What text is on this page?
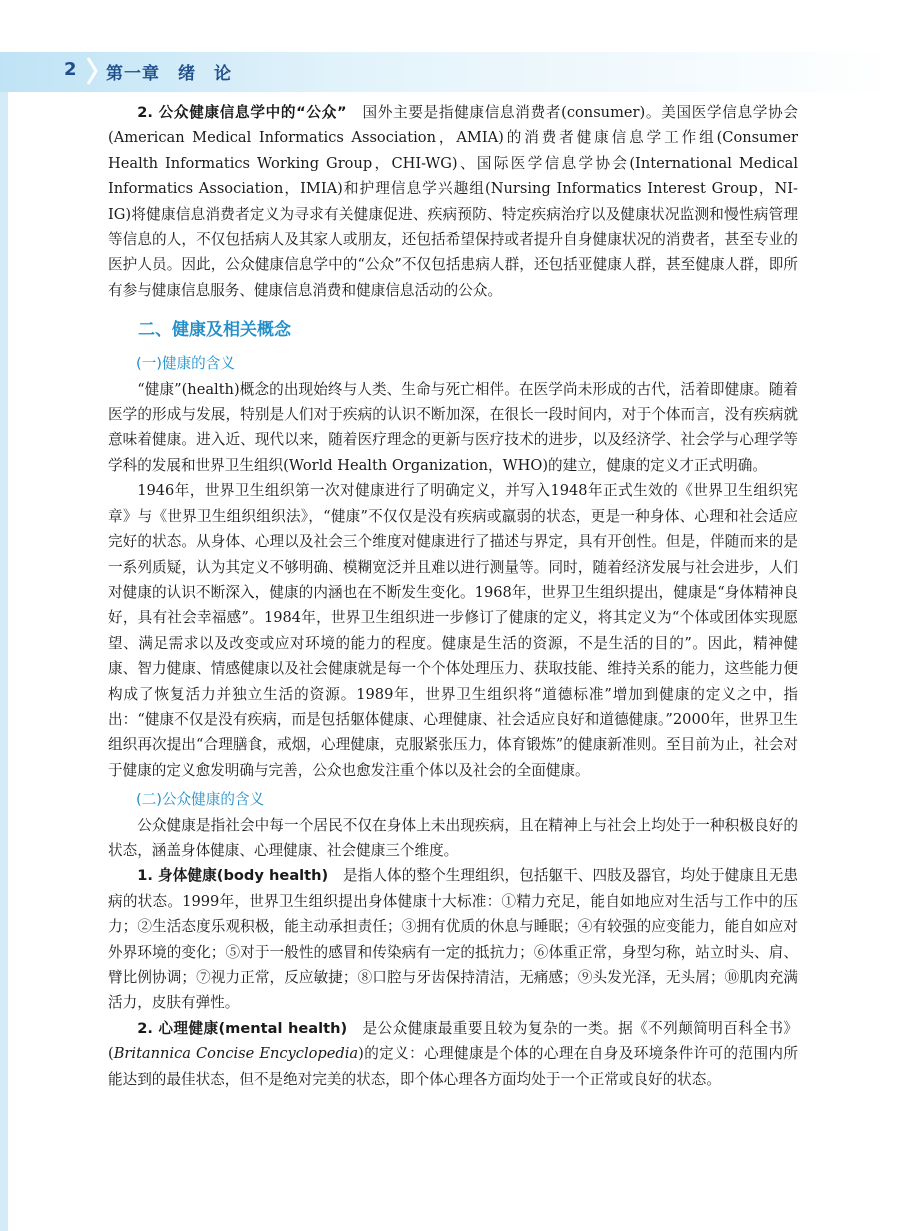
2 第一章　绪　论

2. 公众健康信息学中的“公众”　国外主要是指健康信息消费者(consumer)。美国医学信息学协会(American Medical Informatics Association，AMIA)的消费者健康信息学工作组(Consumer Health Informatics Working Group，CHI-WG)、国际医学信息学协会(International Medical Informatics Association，IMIA)和护理信息学兴趣组(Nursing Informatics Interest Group，NI-IG)将健康信息消费者定义为寻求有关健康促进、疾病预防、特定疾病治疗以及健康状况监测和慢性病管理等信息的人，不仅包括病人及其家人或朋友，还包括希望保持或者提升自身健康状况的消费者，甚至专业的医护人员。因此，公众健康信息学中的“公众”不仅包括患病人群，还包括亚健康人群，甚至健康人群，即所有参与健康信息服务、健康信息消费和健康信息活动的公众。

二、健康及相关概念
(一)健康的含义

“健康”(health)概念的出现始终与人类、生命与死亡相伴。在医学尚未形成的古代，活着即健康。随着医学的形成与发展，特别是人们对于疾病的认识不断加深，在很长一段时间内，对于个体而言，没有疾病就意味着健康。进入近、现代以来，随着医疗理念的更新与医疗技术的进步，以及经济学、社会学与心理学等学科的发展和世界卫生组织(World Health Organization，WHO)的建立，健康的定义才正式明确。

1946年，世界卫生组织第一次对健康进行了明确定义，并写入1948年正式生效的《世界卫生组织宪章》与《世界卫生组织组织法》，“健康”不仅仅是没有疾病或羸弱的状态，更是一种身体、心理和社会适应完好的状态。从身体、心理以及社会三个维度对健康进行了描述与界定，具有开创性。但是，伴随而来的是一系列质疑，认为其定义不够明确、模糊宽泛并且难以进行测量等。同时，随着经济发展与社会进步，人们对健康的认识不断深入，健康的内涵也在不断发生变化。1968年，世界卫生组织提出，健康是“身体精神良好，具有社会幸福感”。1984年，世界卫生组织进一步修订了健康的定义，将其定义为“个体或团体实现愿望、满足需求以及改变或应对环境的能力的程度。健康是生活的资源，不是生活的目的”。因此，精神健康、智力健康、情感健康以及社会健康就是每一个个体处理压力、获取技能、维持关系的能力，这些能力便构成了恢复活力并独立生活的资源。1989年，世界卫生组织将“道德标准”增加到健康的定义之中，指出：“健康不仅是没有疾病，而是包括躯体健康、心理健康、社会适应良好和道德健康。”2000年，世界卫生组织再次提出“合理膳食，戒烟，心理健康，克服紧张压力，体育锻炼”的健康新准则。至目前为止，社会对于健康的定义愈发明确与完善，公众也愈发注重个体以及社会的全面健康。

(二)公众健康的含义

公众健康是指社会中每一个居民不仅在身体上未出现疾病，且在精神上与社会上均处于一种积极良好的状态，涵盖身体健康、心理健康、社会健康三个维度。

1. 身体健康(body health)　是指人体的整个生理组织，包括躯干、四肢及器官，均处于健康且无患病的状态。1999年，世界卫生组织提出身体健康十大标准：①精力充足，能自如地应对生活与工作中的压力；②生活态度乐观积极，能主动承担责任；③拥有优质的休息与睡眠；④有较强的应变能力，能自如应对外界环境的变化；⑤对于一般性的感冒和传染病有一定的抵抗力；⑥体重正常，身型匀称，站立时头、肩、臂比例协调；⑦视力正常，反应敏捷；⑧口腔与牙齿保持清洁，无痛感；⑨头发光泽，无头屑；⑩肌肉充满活力，皮肤有弹性。

2. 心理健康(mental health)　是公众健康最重要且较为复杂的一类。据《不列颠简明百科全书》(Britannica Concise Encyclopedia)的定义：心理健康是个体的心理在自身及环境条件许可的范围内所能达到的最佳状态，但不是绝对完美的状态，即个体心理各方面均处于一个正常或良好的状态。
